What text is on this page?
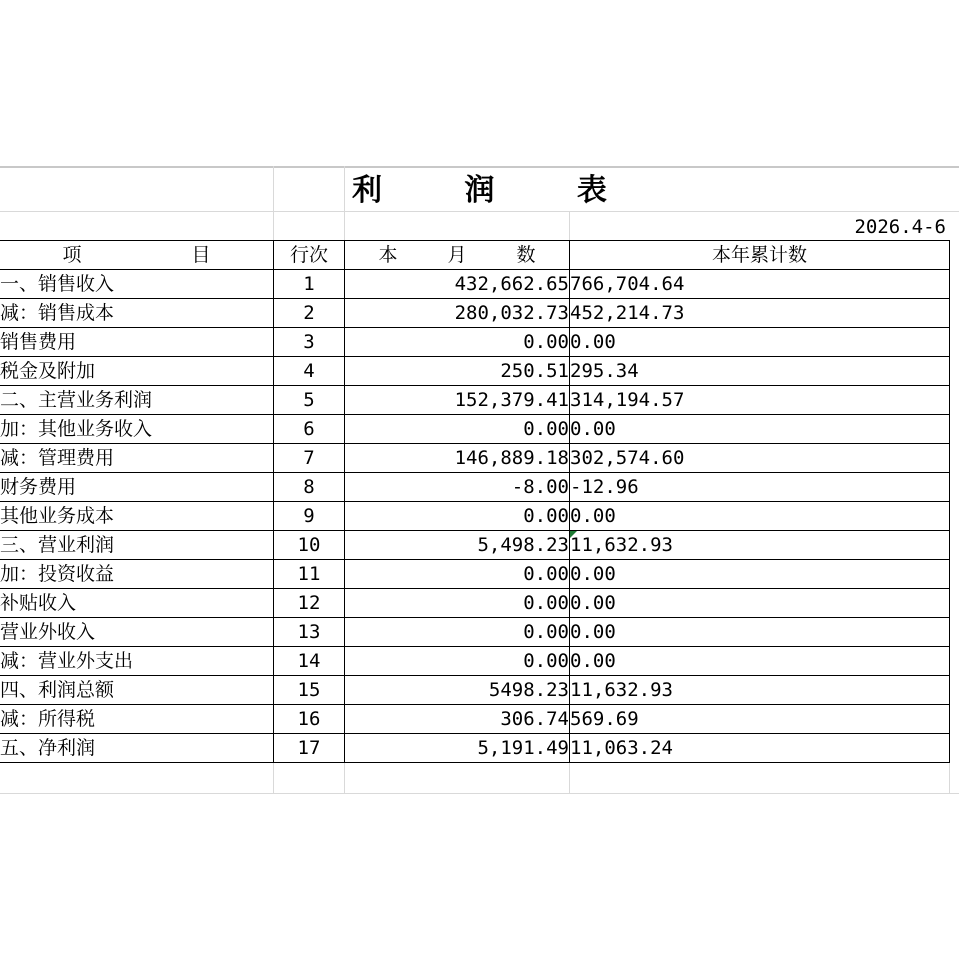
利 润 表
2026.4-6
项 目	行次	本 月 数	本年累计数
一、销售收入	1	432,662.65	766,704.64
减：销售成本	2	280,032.73	452,214.73
销售费用	3	0.00	0.00
税金及附加	4	250.51	295.34
二、主营业务利润	5	152,379.41	314,194.57
加：其他业务收入	6	0.00	0.00
减：管理费用	7	146,889.18	302,574.60
财务费用	8	-8.00	-12.96
其他业务成本	9	0.00	0.00
三、营业利润	10	5,498.23	11,632.93
加：投资收益	11	0.00	0.00
补贴收入	12	0.00	0.00
营业外收入	13	0.00	0.00
减：营业外支出	14	0.00	0.00
四、利润总额	15	5498.23	11,632.93
减：所得税	16	306.74	569.69
五、净利润	17	5,191.49	11,063.24
